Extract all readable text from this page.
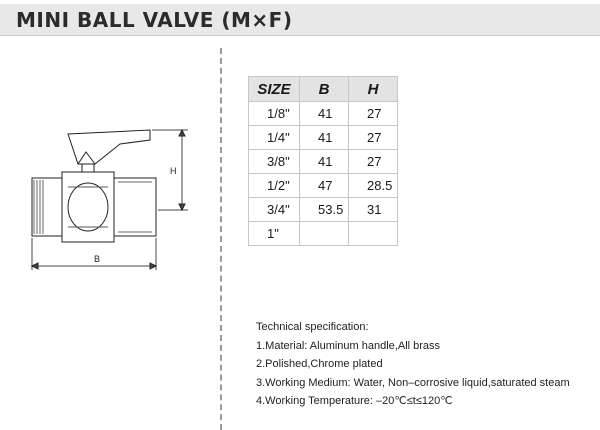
MINI BALL VALVE (M×F)
B
H
SIZE	B	H
1/8"	41	27
1/4"	41	27
3/8"	41	27
1/2"	47	28.5
3/4"	53.5	31
1"		
Technical specification:
1.Material: Aluminum handle,All brass
2.Polished,Chrome plated
3.Working Medium: Water, Non–corrosive liquid,saturated steam
4.Working Temperature: –20℃≤t≤120℃
